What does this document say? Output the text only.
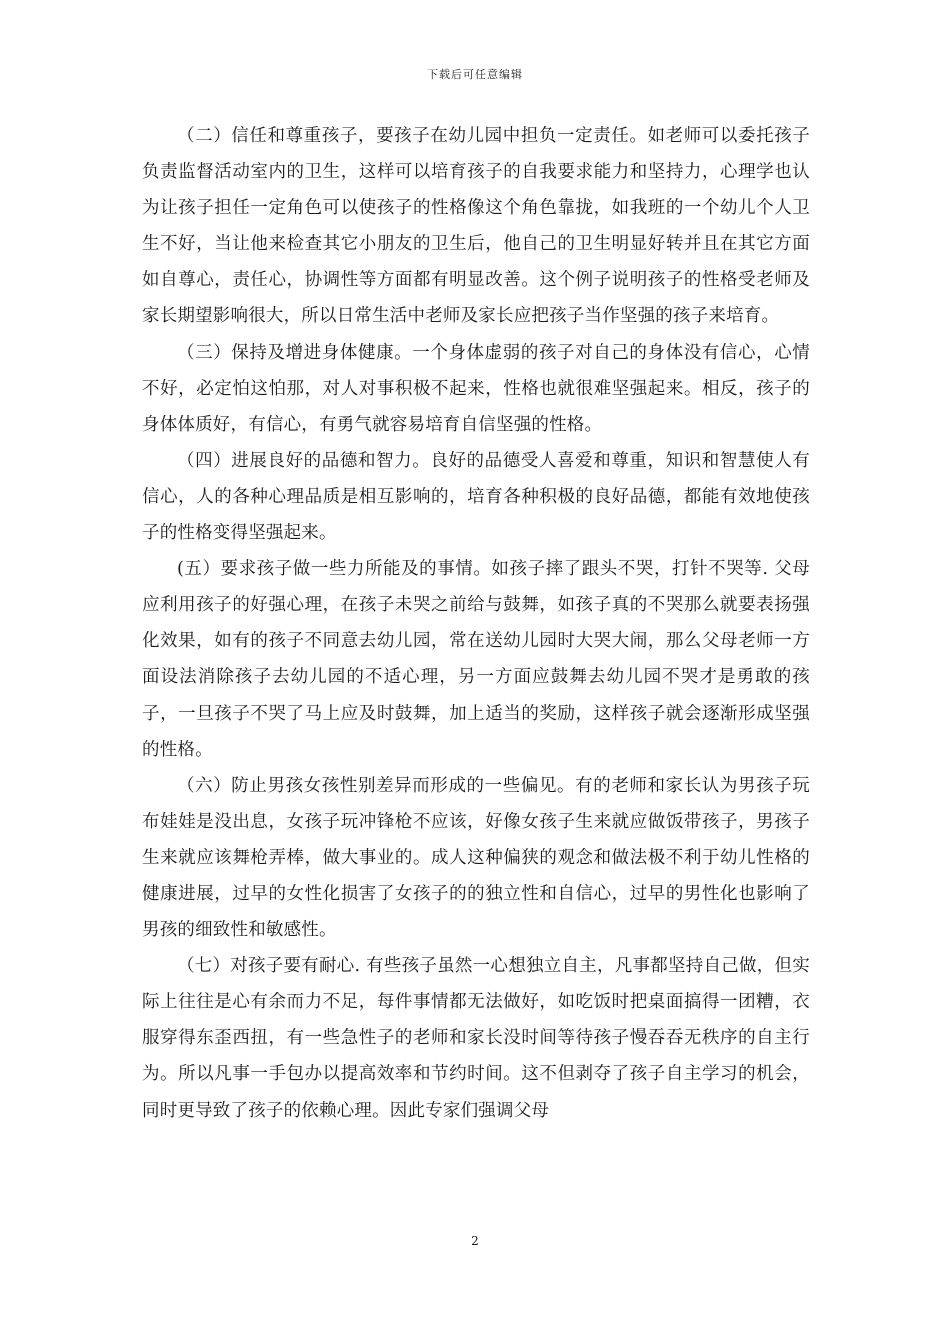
下载后可任意编辑

（二）信任和尊重孩子，要孩子在幼儿园中担负一定责任。如老师可以委托孩子负责监督活动室内的卫生，这样可以培育孩子的自我要求能力和坚持力，心理学也认为让孩子担任一定角色可以使孩子的性格像这个角色靠拢，如我班的一个幼儿个人卫生不好，当让他来检查其它小朋友的卫生后，他自己的卫生明显好转并且在其它方面如自尊心，责任心，协调性等方面都有明显改善。这个例子说明孩子的性格受老师及家长期望影响很大，所以日常生活中老师及家长应把孩子当作坚强的孩子来培育。

（三）保持及增进身体健康。一个身体虚弱的孩子对自己的身体没有信心，心情不好，必定怕这怕那，对人对事积极不起来，性格也就很难坚强起来。相反，孩子的身体体质好，有信心，有勇气就容易培育自信坚强的性格。

（四）进展良好的品德和智力。良好的品德受人喜爱和尊重，知识和智慧使人有信心，人的各种心理品质是相互影响的，培育各种积极的良好品德，都能有效地使孩子的性格变得坚强起来。

(五）要求孩子做一些力所能及的事情。如孩子摔了跟头不哭，打针不哭等. 父母应利用孩子的好强心理，在孩子未哭之前给与鼓舞，如孩子真的不哭那么就要表扬强化效果，如有的孩子不同意去幼儿园，常在送幼儿园时大哭大闹，那么父母老师一方面设法消除孩子去幼儿园的不适心理，另一方面应鼓舞去幼儿园不哭才是勇敢的孩子，一旦孩子不哭了马上应及时鼓舞，加上适当的奖励，这样孩子就会逐渐形成坚强的性格。

（六）防止男孩女孩性别差异而形成的一些偏见。有的老师和家长认为男孩子玩布娃娃是没出息，女孩子玩冲锋枪不应该，好像女孩子生来就应做饭带孩子，男孩子生来就应该舞枪弄棒，做大事业的。成人这种偏狭的观念和做法极不利于幼儿性格的健康进展，过早的女性化损害了女孩子的的独立性和自信心，过早的男性化也影响了男孩的细致性和敏感性。

（七）对孩子要有耐心. 有些孩子虽然一心想独立自主，凡事都坚持自己做，但实际上往往是心有余而力不足，每件事情都无法做好，如吃饭时把桌面搞得一团糟，衣服穿得东歪西扭，有一些急性子的老师和家长没时间等待孩子慢吞吞无秩序的自主行为。所以凡事一手包办以提高效率和节约时间。这不但剥夺了孩子自主学习的机会，同时更导致了孩子的依赖心理。因此专家们强调父母

2
